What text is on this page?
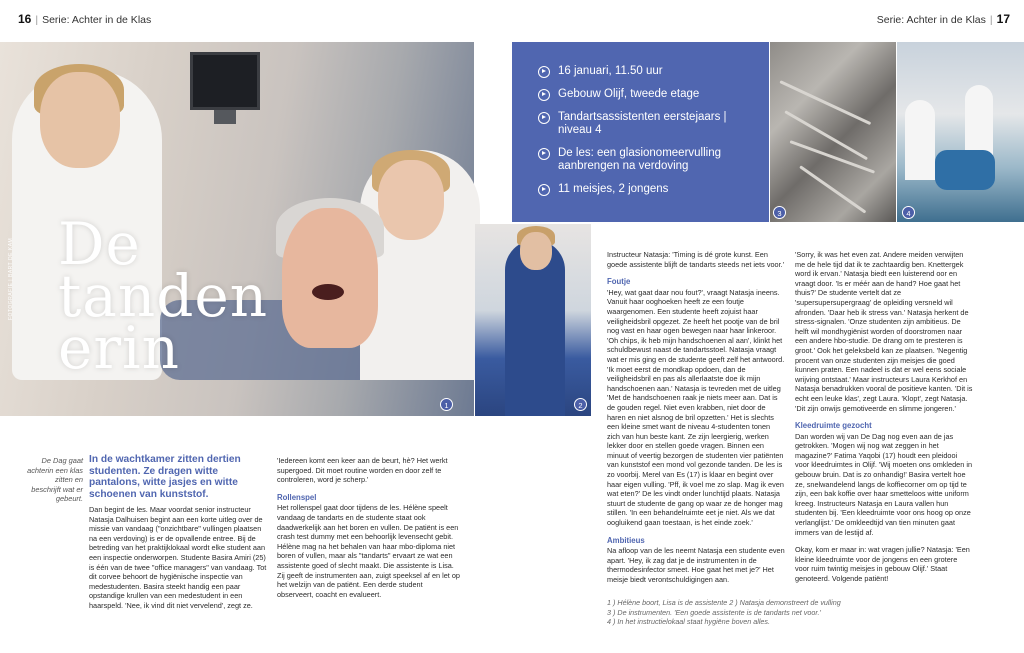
16 | Serie: Achter in de Klas	Serie: Achter in de Klas | 17
De
tanden
erin
FOTOGRAFIE | BART DE KAM
1	2
16 januari, 11.50 uur
Gebouw Olijf, tweede etage
Tandartsassistenten eerstejaars | niveau 4
De les: een glasionomeervulling aanbrengen na verdoving
11 meisjes, 2 jongens
3	4
De Dag gaat achterin een klas zitten en beschrijft wat er gebeurt.
In de wachtkamer zitten dertien studenten. Ze dragen witte pantalons, witte jasjes en witte schoenen van kunststof.

Dan begint de les. Maar voordat senior instructeur Natasja Dalhuisen begint aan een korte uitleg over de missie van vandaag ("onzichtbare" vullingen plaatsen na een verdoving) is er de opvallende entree. Bij de betreding van het praktijklokaal wordt elke student aan een inspectie onderworpen. Studente Basira Amiri (25) is één van de twee "office managers" van vandaag. Tot dit corvee behoort de hygiënische inspectie van medestudenten. Basira steekt handig een paar opstandige krullen van een medestudent in een haarspeld. 'Nee, ik vind dit niet vervelend', zegt ze.

'Iedereen komt een keer aan de beurt, hè? Het werkt supergoed. Dit moet routine worden en door zelf te controleren, word je scherp.'

Rollenspel

Het rollenspel gaat door tijdens de les. Hélène speelt vandaag de tandarts en de studente staat ook daadwerkelijk aan het boren en vullen. De patiënt is een crash test dummy met een behoorlijk levensecht gebit. Hélène mag na het behalen van haar mbo-diploma niet boren of vullen, maar als "tandarts" ervaart ze wat een assistente goed of slecht maakt. Die assistente is Lisa. Zij geeft de instrumenten aan, zuigt speeksel af en let op het welzijn van de patiënt. Een derde student observeert, coacht en evalueert.

Instructeur Natasja: 'Timing is dé grote kunst. Een goede assistente blijft de tandarts steeds net iets voor.'

Foutje

'Hey, wat gaat daar nou fout?', vraagt Natasja ineens. Vanuit haar ooghoeken heeft ze een foutje waargenomen. Een studente heeft zojuist haar veiligheidsbril opgezet. Ze heeft het pootje van de bril nog vast en haar ogen bewegen naar haar linkeroor. 'Oh chips, ik heb mijn handschoenen al aan', klinkt het schuldbewust naast de tandartsstoel. Natasja vraagt wat er mis ging en de studente geeft zelf het antwoord. 'Ik moet eerst de mondkap opdoen, dan de veiligheidsbril en pas als allerlaatste doe ik mijn handschoenen aan.' Natasja is tevreden met de uitleg 'Met de handschoenen raak je niets meer aan. Dat is de gouden regel. Niet even krabben, niet door de haren en niet alsnog de bril opzetten.' Het is slechts een kleine smet want de niveau 4-studenten tonen zich van hun beste kant. Ze zijn leergierig, werken lekker door en stellen goede vragen. Binnen een minuut of veertig bezorgen de studenten vier patiënten van kunststof een mond vol gezonde tanden. De les is zo voorbij. Merel van Es (17) is klaar en begint over haar eigen vulling. 'Pff, ik voel me zo slap. Mag ik even wat eten?' De les vindt onder lunchtijd plaats. Natasja stuurt de studente de gang op waar ze de honger mag stillen. 'In een behandelruimte eet je niet. Als we dat oogluikend gaan toestaan, is het einde zoek.'

Ambitieus

Na afloop van de les neemt Natasja een studente even apart. 'Hey, ik zag dat je de instrumenten in de thermodesinfector smeet. Hoe gaat het met je?' Het meisje biedt verontschuldigingen aan.

'Sorry, ik was het even zat. Andere meiden verwijten me de hele tijd dat ik te zachtaardig ben. Knettergek word ik ervan.' Natasja biedt een luisterend oor en vraagt door. 'Is er méér aan de hand? Hoe gaat het thuis?' De studente vertelt dat ze 'supersupersupergraag' de opleiding versneld wil afronden. 'Daar heb ik stress van.' Natasja herkent de stress-signalen. 'Onze studenten zijn ambitieus. De helft wil mondhygiënist worden of doorstromen naar een andere hbo-studie. De drang om te presteren is groot.' Ook het geleksbeld kan ze plaatsen. 'Negentig procent van onze studenten zijn meisjes die goed kunnen praten. Een nadeel is dat er wel eens sociale wrijving ontstaat.' Maar instructeurs Laura Kerkhof en Natasja benadrukken vooral de positieve kanten. 'Dit is echt een leuke klas', zegt Laura. 'Klopt', zegt Natasja. 'Dit zijn onwijs gemotiveerde en slimme jongeren.'

Kleedruimte gezocht

Dan worden wij van De Dag nog even aan de jas getrokken. 'Mogen wij nog wat zeggen in het magazine?' Fatima Yaqobi (17) houdt een pleidooi voor kleedruimtes in Olijf. 'Wij moeten ons omkleden in gebouw bruin. Dat is zo onhandig!' Basira vertelt hoe ze, snelwandelend langs de koffiecorner om op tijd te zijn, een bak koffie over haar smetteloos witte uniform kreeg. Instructeurs Natasja en Laura vallen hun studenten bij. 'Een kleedruimte voor ons hoog op onze verlanglijst.' De omkleedtijd van tien minuten gaat immers van de lestijd af.

Okay, kom er maar in: wat vragen jullie? Natasja: 'Een kleine kleedruimte voor de jongens en een grotere voor ruim twintig meisjes in gebouw Olijf.' Staat genoteerd. Volgende patiënt!

1 ) Hélène boort, Lisa is de assistente 2 ) Natasja demonstreert de vulling
3 ) De instrumenten. 'Een goede assistente is de tandarts net voor.'
4 ) In het instructielokaal staat hygiëne boven alles.
